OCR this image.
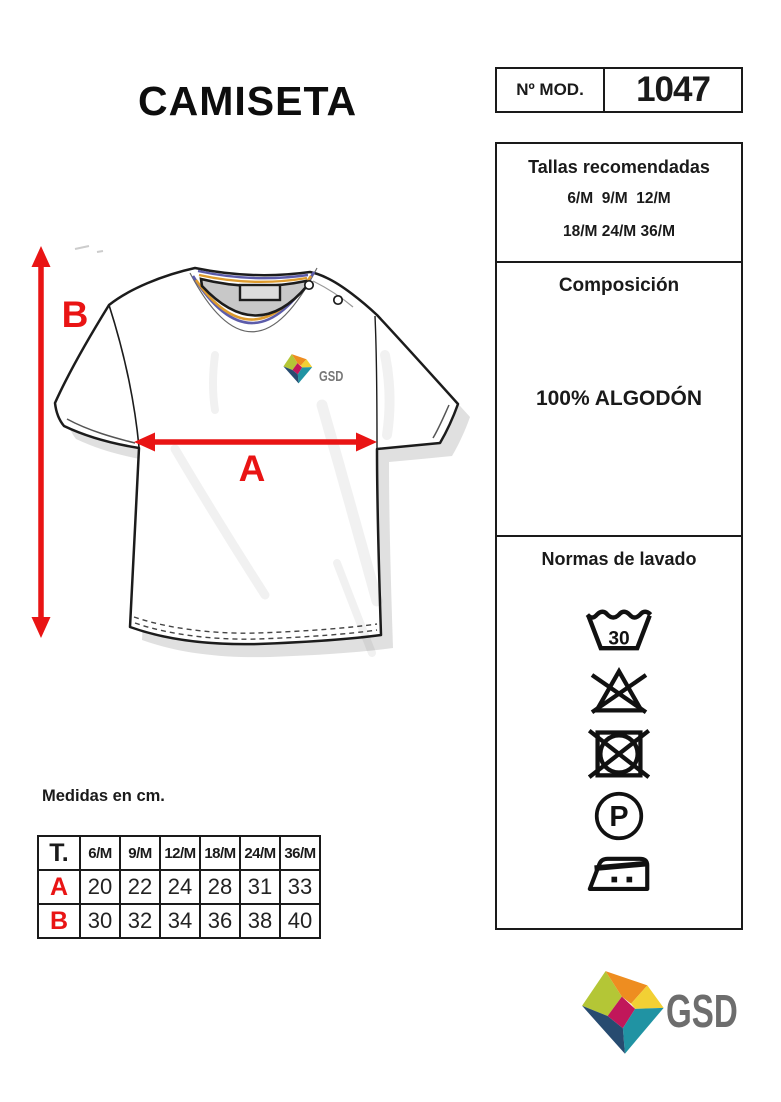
CAMISETA	Nº MOD.	1047
GSD
B
A
Tallas recomendadas
6/M  9/M  12/M
18/M 24/M 36/M
Composición
100% ALGODÓN
Normas de lavado
30
P
Medidas en cm.
T.	6/M	9/M	12/M	18/M	24/M	36/M
A	20	22	24	28	31	33
B	30	32	34	36	38	40
GSD
